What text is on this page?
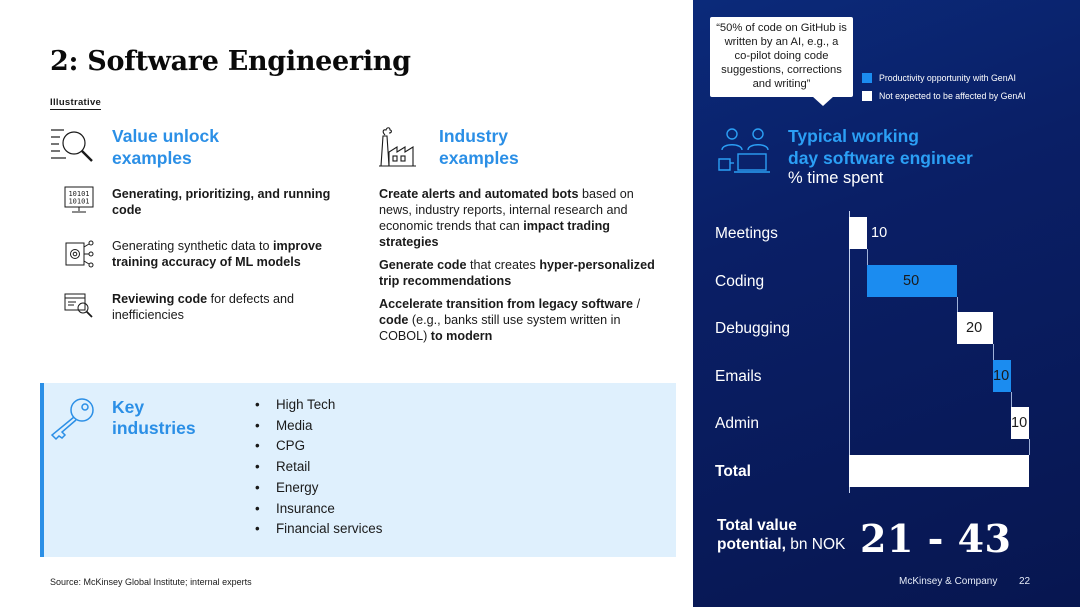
2: Software Engineering
Illustrative
Value unlock
examples
10101
10101
Generating, prioritizing, and running code
Generating synthetic data to improve training accuracy of ML models
Reviewing code for defects and inefficiencies
Industry
examples
Create alerts and automated bots based on news, industry reports, internal research and economic trends that can impact trading strategies
Generate code that creates hyper-personalized trip recommendations
Accelerate transition from legacy software / code (e.g., banks still use system written in COBOL) to modern
Key
industries
• High Tech
• Media
• CPG
• Retail
• Energy
• Insurance
• Financial services
Source: McKinsey Global Institute; internal experts
“50% of code on GitHub is written by an AI, e.g., a co-pilot doing code suggestions, corrections and writing”	Productivity opportunity with GenAI
Not expected to be affected by GenAI
Typical working
day software engineer
% time spent
Meetings	10
Coding	50
Debugging	20
Emails	10
Admin	10
Total
Total value
potential, bn NOK 21 - 43
McKinsey & Company 22
